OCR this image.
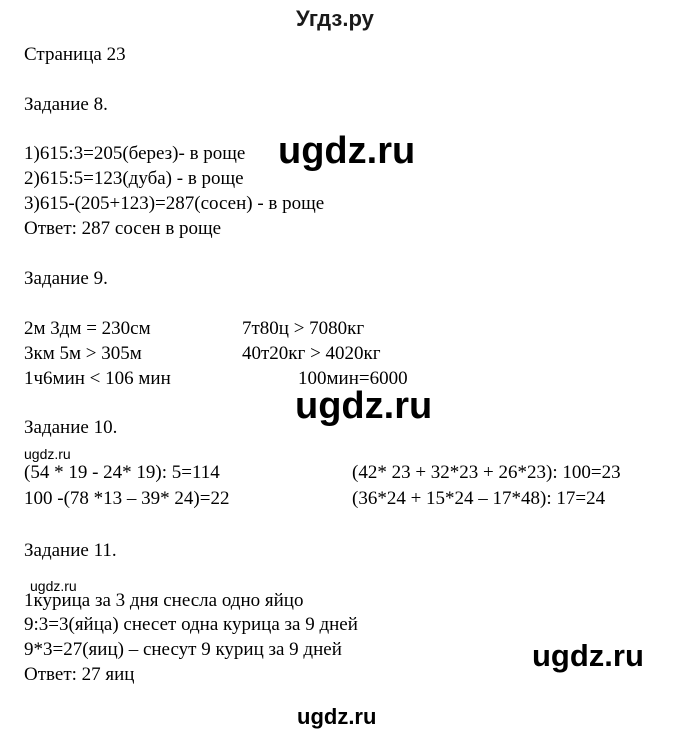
Угдз.ру
Страница 23
Задание 8.
1)615:3=205(берез)- в роще
2)615:5=123(дуба) - в роще
3)615-(205+123)=287(сосен) - в роще
Ответ: 287 сосен в роще
ugdz.ru
Задание 9.
2м 3дм = 230см
3км 5м > 305м
1ч6мин < 106 мин
7т80ц > 7080кг
40т20кг > 4020кг
100мин=6000
ugdz.ru
Задание 10.
ugdz.ru
(54 * 19 - 24* 19): 5=114
100 -(78 *13 – 39* 24)=22
(42* 23 + 32*23 + 26*23): 100=23
(36*24 + 15*24 – 17*48): 17=24
Задание 11.
ugdz.ru
1курица за 3 дня снесла одно яйцо
9:3=3(яйца) снесет одна курица за 9 дней
9*3=27(яиц) – снесут 9 куриц за 9 дней
Ответ: 27 яиц
ugdz.ru
ugdz.ru
